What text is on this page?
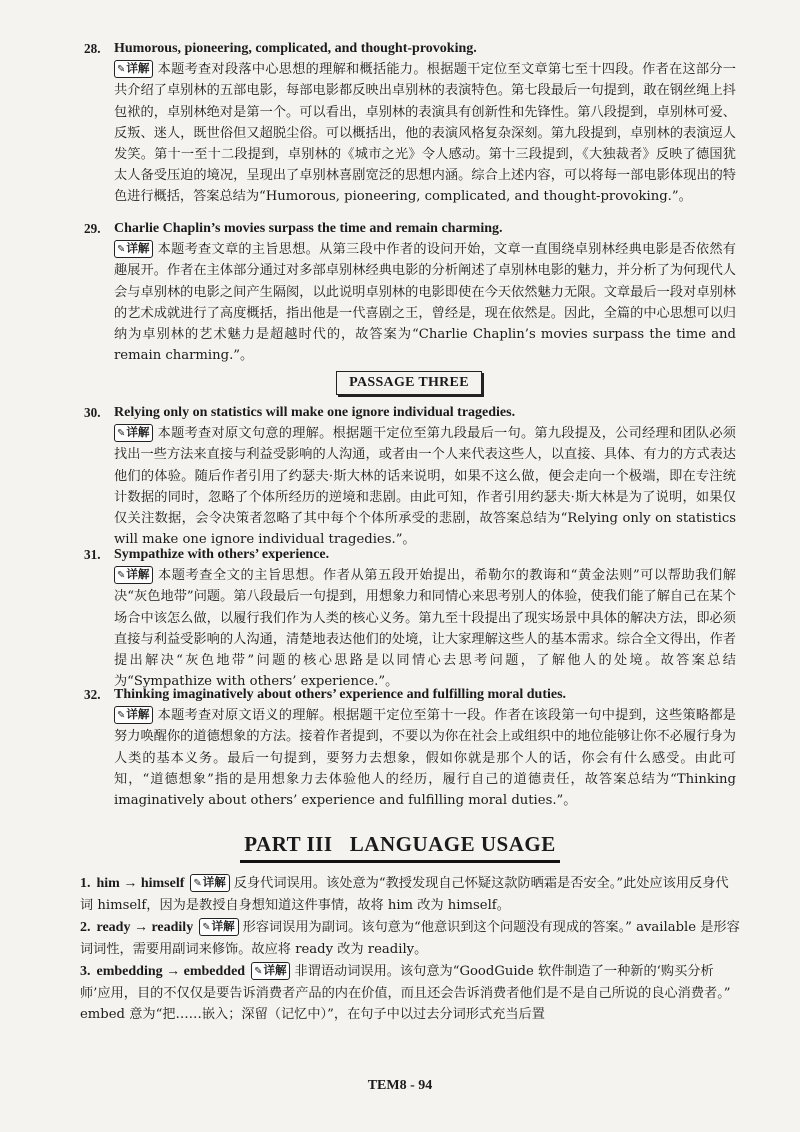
28. Humorous, pioneering, complicated, and thought-provoking.
✎详解 本题考查对段落中心思想的理解和概括能力。根据题干定位至文章第七至十四段。作者在这部分一共介绍了卓别林的五部电影，每部电影都反映出卓别林的表演特色。第七段最后一句提到，敢在钢丝绳上抖包袱的，卓别林绝对是第一个。可以看出，卓别林的表演具有创新性和先锋性。第八段提到，卓别林可爱、反叛、迷人，既世俗但又超脱尘俗。可以概括出，他的表演风格复杂深刻。第九段提到，卓别林的表演逗人发笑。第十一至十二段提到，卓别林的《城市之光》令人感动。第十三段提到，《大独裁者》反映了德国犹太人备受压迫的境况，呈现出了卓别林喜剧宽泛的思想内涵。综合上述内容，可以将每一部电影体现出的特色进行概括，答案总结为“Humorous, pioneering, complicated, and thought-provoking.”。
29. Charlie Chaplin’s movies surpass the time and remain charming.
✎详解 本题考查文章的主旨思想。从第三段中作者的设问开始，文章一直围绕卓别林经典电影是否依然有趣展开。作者在主体部分通过对多部卓别林经典电影的分析阐述了卓别林电影的魅力，并分析了为何现代人会与卓别林的电影之间产生隔阂，以此说明卓别林的电影即使在今天依然魅力无限。文章最后一段对卓别林的艺术成就进行了高度概括，指出他是一代喜剧之王，曾经是，现在依然是。因此，全篇的中心思想可以归纳为卓别林的艺术魅力是超越时代的，故答案为“Charlie Chaplin’s movies surpass the time and remain charming.”。
PASSAGE THREE
30. Relying only on statistics will make one ignore individual tragedies.
✎详解 本题考查对原文句意的理解。根据题干定位至第九段最后一句。第九段提及，公司经理和团队必须找出一些方法来直接与利益受影响的人沟通，或者由一个人来代表这些人，以直接、具体、有力的方式表达他们的体验。随后作者引用了约瑟夫·斯大林的话来说明，如果不这么做，便会走向一个极端，即在专注统计数据的同时，忽略了个体所经历的逆境和悲剧。由此可知，作者引用约瑟夫·斯大林是为了说明，如果仅仅关注数据，会令决策者忽略了其中每个个体所承受的悲剧，故答案总结为“Relying only on statistics will make one ignore individual tragedies.”。
31. Sympathize with others’ experience.
✎详解 本题考查全文的主旨思想。作者从第五段开始提出，希勒尔的教诲和“黄金法则”可以帮助我们解决“灰色地带”问题。第八段最后一句提到，用想象力和同情心来思考别人的体验，使我们能了解自己在某个场合中该怎么做，以履行我们作为人类的核心义务。第九至十段提出了现实场景中具体的解决方法，即必须直接与利益受影响的人沟通，清楚地表达他们的处境，让大家理解这些人的基本需求。综合全文得出，作者提出解决“灰色地带”问题的核心思路是以同情心去思考问题，了解他人的处境。故答案总结为“Sympathize with others’ experience.”。
32. Thinking imaginatively about others’ experience and fulfilling moral duties.
✎详解 本题考查对原文语义的理解。根据题干定位至第十一段。作者在该段第一句中提到，这些策略都是努力唤醒你的道德想象的方法。接着作者提到，不要以为你在社会上或组织中的地位能够让你不必履行身为人类的基本义务。最后一句提到，要努力去想象，假如你就是那个人的话，你会有什么感受。由此可知，“道德想象”指的是用想象力去体验他人的经历，履行自己的道德责任，故答案总结为“Thinking imaginatively about others’ experience and fulfilling moral duties.”。
PART III   LANGUAGE USAGE
1. him → himself ✎详解 反身代词误用。该处意为“教授发现自己怀疑这款防晒霜是否安全。”此处应该用反身代词 himself，因为是教授自身想知道这件事情，故将 him 改为 himself。
2. ready → readily ✎详解 形容词误用为副词。该句意为“他意识到这个问题没有现成的答案。” available 是形容词词性，需要用副词来修饰。故应将 ready 改为 readily。
3. embedding → embedded ✎详解 非谓语动词误用。该句意为“GoodGuide 软件制造了一种新的‘购买分析师’应用，目的不仅仅是要告诉消费者产品的内在价值，而且还会告诉消费者他们是不是自己所说的良心消费者。” embed 意为“把……嵌入；深留（记忆中）”，在句子中以过去分词形式充当后置
TEM8 - 94
